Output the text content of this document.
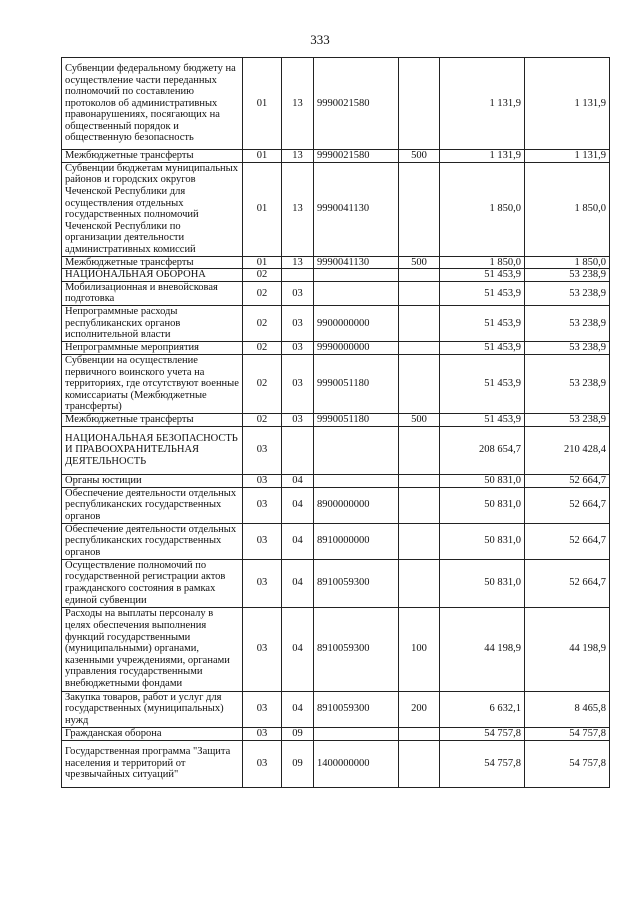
333
Субвенции федеральному бюджету на осуществление части переданных полномочий по составлению протоколов об административных правонарушениях, посягающих на общественный порядок и общественную безопасность	01	13	9990021580		1 131,9	1 131,9
Межбюджетные трансферты	01	13	9990021580	500	1 131,9	1 131,9
Субвенции бюджетам муниципальных районов и городских округов Чеченской Республики для осуществления отдельных государственных полномочий Чеченской Республики по организации деятельности административных комиссий	01	13	9990041130		1 850,0	1 850,0
Межбюджетные трансферты	01	13	9990041130	500	1 850,0	1 850,0
НАЦИОНАЛЬНАЯ ОБОРОНА	02				51 453,9	53 238,9
Мобилизационная и вневойсковая подготовка	02	03			51 453,9	53 238,9
Непрограммные расходы республиканских органов исполнительной власти	02	03	9900000000		51 453,9	53 238,9
Непрограммные мероприятия	02	03	9990000000		51 453,9	53 238,9
Субвенции на осуществление первичного воинского учета на территориях, где отсутствуют военные комиссариаты (Межбюджетные трансферты)	02	03	9990051180		51 453,9	53 238,9
Межбюджетные трансферты	02	03	9990051180	500	51 453,9	53 238,9
НАЦИОНАЛЬНАЯ БЕЗОПАСНОСТЬ И ПРАВООХРАНИТЕЛЬНАЯ ДЕЯТЕЛЬНОСТЬ	03				208 654,7	210 428,4
Органы юстиции	03	04			50 831,0	52 664,7
Обеспечение деятельности отдельных республиканских государственных органов	03	04	8900000000		50 831,0	52 664,7
Обеспечение деятельности отдельных республиканских государственных органов	03	04	8910000000		50 831,0	52 664,7
Осуществление полномочий по государственной регистрации актов гражданского состояния в рамках единой субвенции	03	04	8910059300		50 831,0	52 664,7
Расходы на выплаты персоналу в целях обеспечения выполнения функций государственными (муниципальными) органами, казенными учреждениями, органами управления государственными внебюджетными фондами	03	04	8910059300	100	44 198,9	44 198,9
Закупка товаров, работ и услуг для государственных (муниципальных) нужд	03	04	8910059300	200	6 632,1	8 465,8
Гражданская оборона	03	09			54 757,8	54 757,8
Государственная программа "Защита населения и территорий от чрезвычайных ситуаций"	03	09	1400000000		54 757,8	54 757,8
